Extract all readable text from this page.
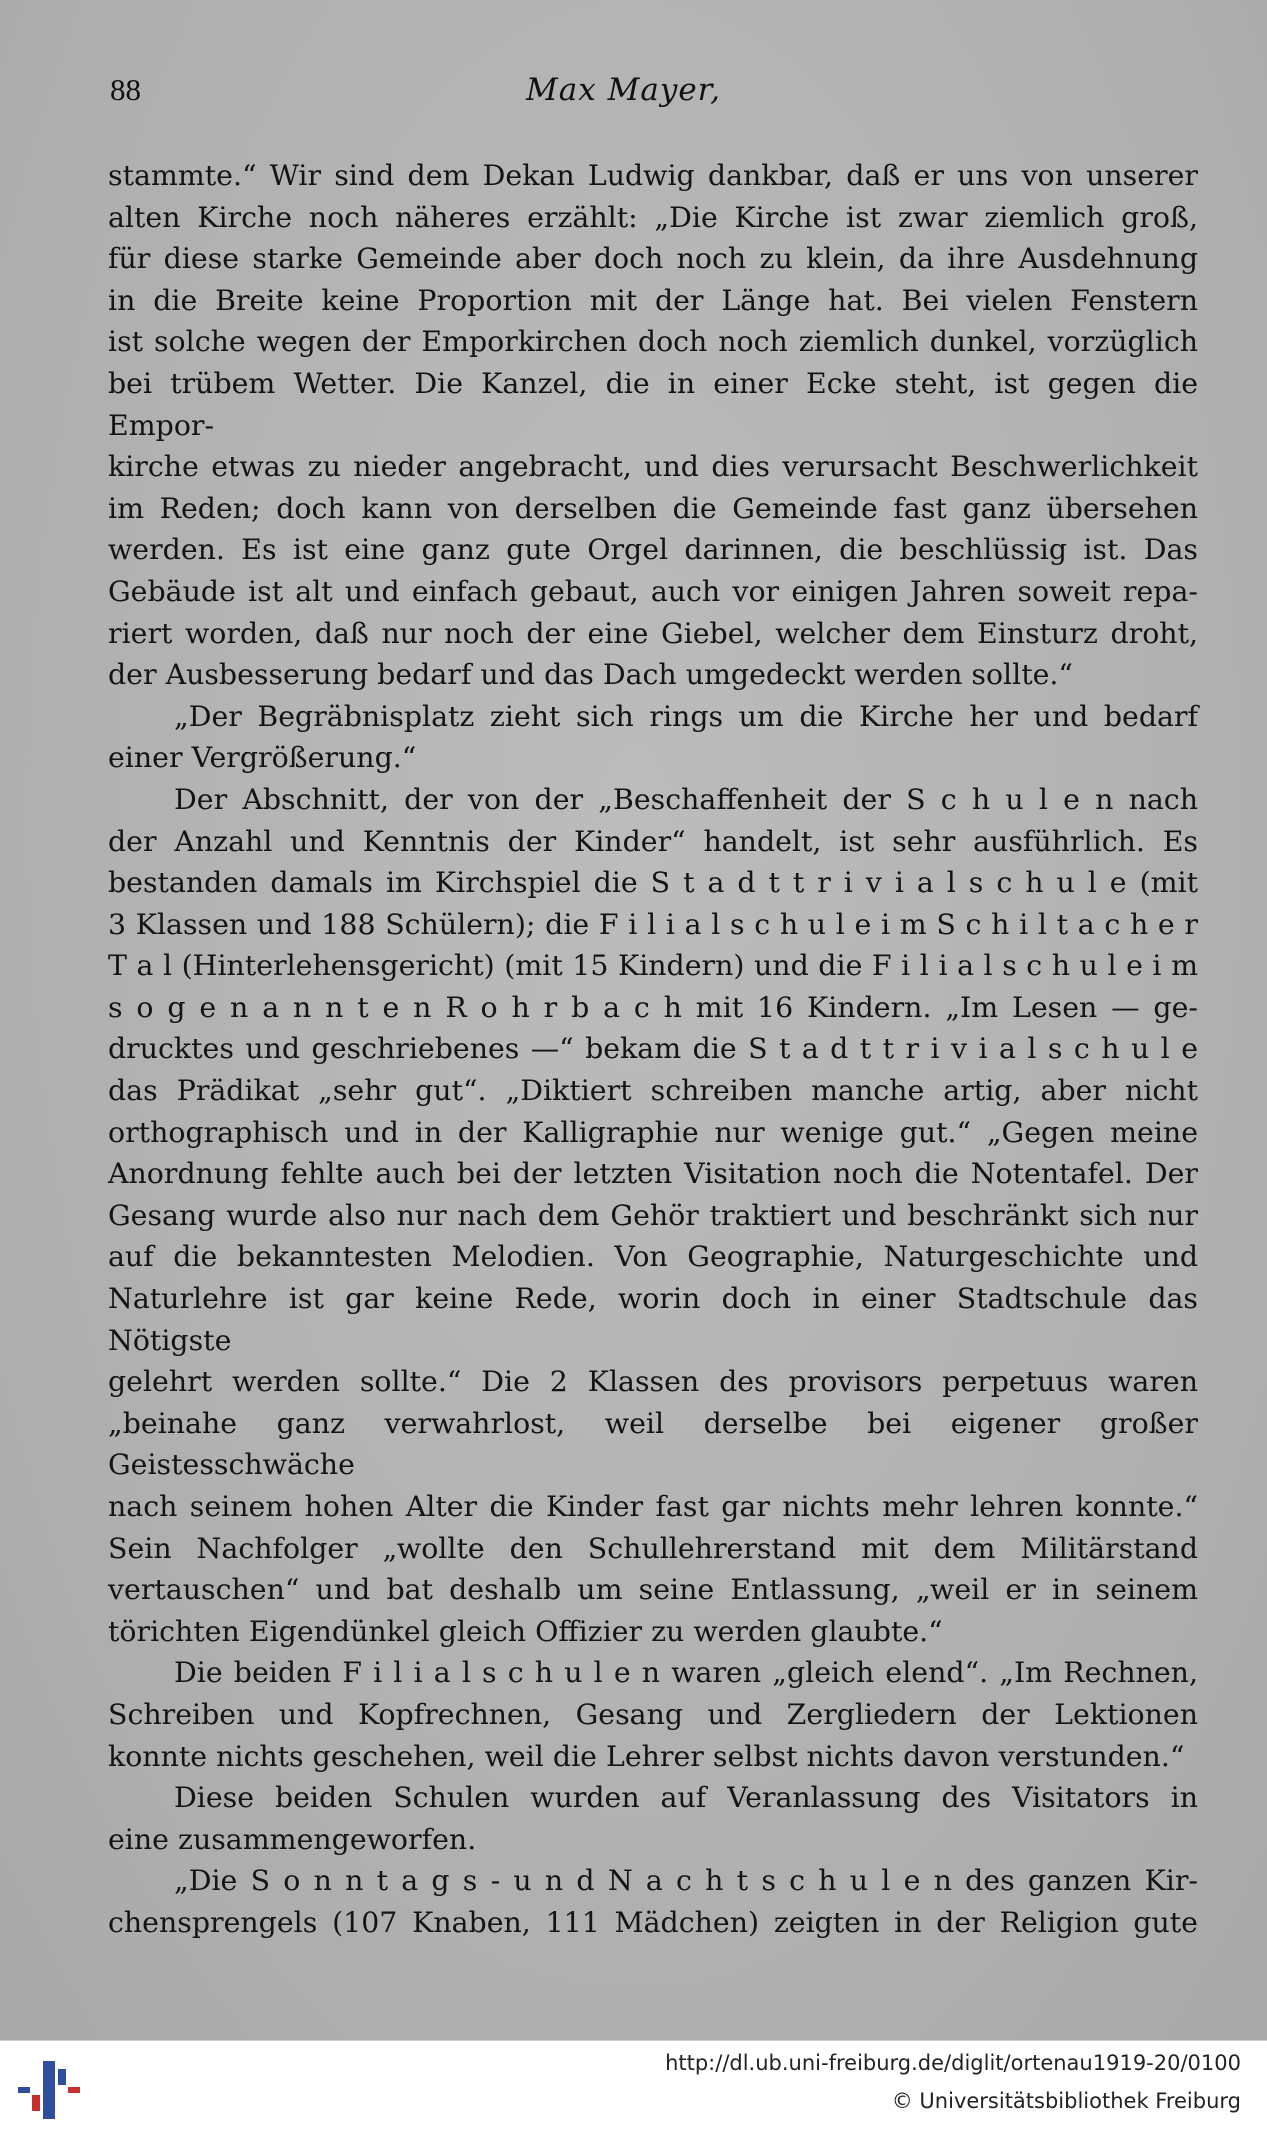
88	Max Mayer,

stammte.“ Wir sind dem Dekan Ludwig dankbar, daß er uns von unserer

alten Kirche noch näheres erzählt: „Die Kirche ist zwar ziemlich groß,

für diese starke Gemeinde aber doch noch zu klein, da ihre Ausdehnung

in die Breite keine Proportion mit der Länge hat. Bei vielen Fenstern

ist solche wegen der Emporkirchen doch noch ziemlich dunkel, vorzüglich

bei trübem Wetter. Die Kanzel, die in einer Ecke steht, ist gegen die Empor-

kirche etwas zu nieder angebracht, und dies verursacht Beschwerlichkeit

im Reden; doch kann von derselben die Gemeinde fast ganz übersehen

werden. Es ist eine ganz gute Orgel darinnen, die beschlüssig ist. Das

Gebäude ist alt und einfach gebaut, auch vor einigen Jahren soweit repa-

riert worden, daß nur noch der eine Giebel, welcher dem Einsturz droht,

der Ausbesserung bedarf und das Dach umgedeckt werden sollte.“

„Der Begräbnisplatz zieht sich rings um die Kirche her und bedarf

einer Vergrößerung.“

Der Abschnitt, der von der „Beschaffenheit der S c h u l e n nach

der Anzahl und Kenntnis der Kinder“ handelt, ist sehr ausführlich. Es

bestanden damals im Kirchspiel die S t a d t t r i v i a l s c h u l e (mit

3 Klassen und 188 Schülern); die F i l i a l s c h u l e i m S c h i l t a c h e r

T a l (Hinterlehensgericht) (mit 15 Kindern) und die F i l i a l s c h u l e i m

s o g e n a n n t e n R o h r b a c h mit 16 Kindern. „Im Lesen — ge-

drucktes und geschriebenes —“ bekam die S t a d t t r i v i a l s c h u l e

das Prädikat „sehr gut“. „Diktiert schreiben manche artig, aber nicht

orthographisch und in der Kalligraphie nur wenige gut.“ „Gegen meine

Anordnung fehlte auch bei der letzten Visitation noch die Notentafel. Der

Gesang wurde also nur nach dem Gehör traktiert und beschränkt sich nur

auf die bekanntesten Melodien. Von Geographie, Naturgeschichte und

Naturlehre ist gar keine Rede, worin doch in einer Stadtschule das Nötigste

gelehrt werden sollte.“ Die 2 Klassen des provisors perpetuus waren

„beinahe ganz verwahrlost, weil derselbe bei eigener großer Geistesschwäche

nach seinem hohen Alter die Kinder fast gar nichts mehr lehren konnte.“

Sein Nachfolger „wollte den Schullehrerstand mit dem Militärstand

vertauschen“ und bat deshalb um seine Entlassung, „weil er in seinem

törichten Eigendünkel gleich Offizier zu werden glaubte.“

Die beiden F i l i a l s c h u l e n waren „gleich elend“. „Im Rechnen,

Schreiben und Kopfrechnen, Gesang und Zergliedern der Lektionen

konnte nichts geschehen, weil die Lehrer selbst nichts davon verstunden.“

Diese beiden Schulen wurden auf Veranlassung des Visitators in

eine zusammengeworfen.

„Die S o n n t a g s - u n d N a c h t s c h u l e n des ganzen Kir-

chensprengels (107 Knaben, 111 Mädchen) zeigten in der Religion gute

http://dl.ub.uni-freiburg.de/diglit/ortenau1919-20/0100
© Universitätsbibliothek Freiburg
